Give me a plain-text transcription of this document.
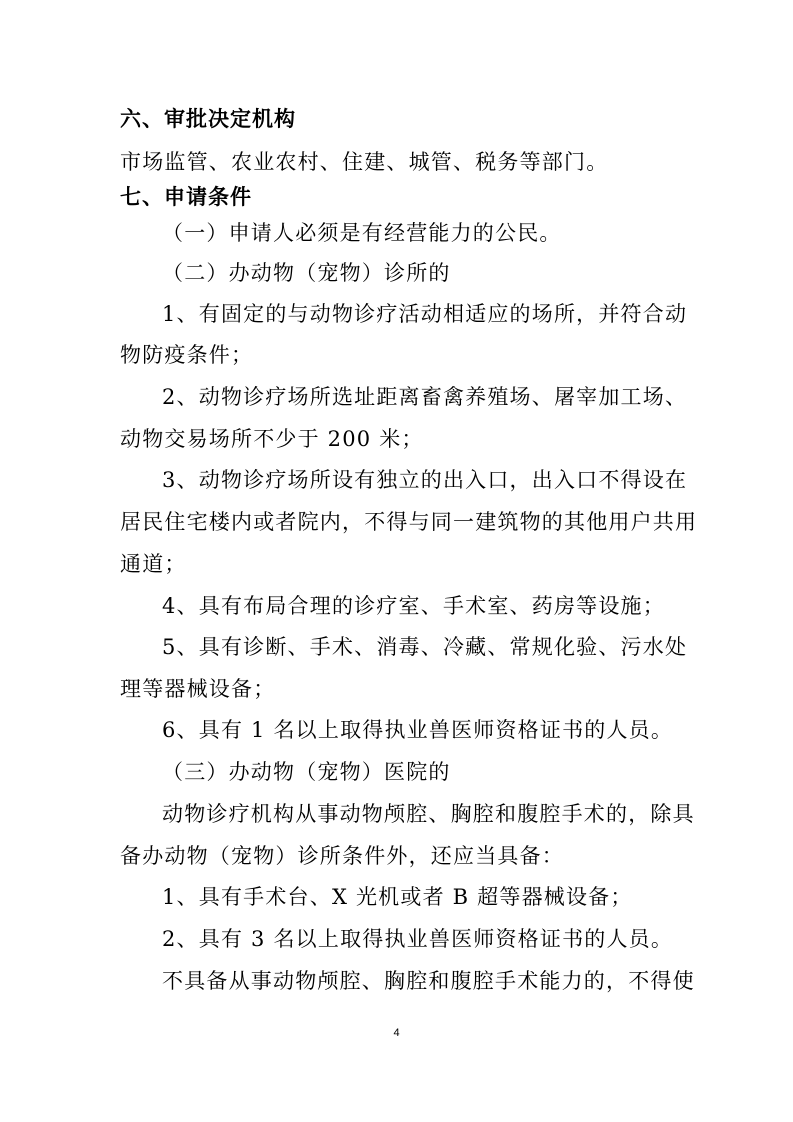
六、审批决定机构
市场监管、农业农村、住建、城管、税务等部门。
七、申请条件
（一）申请人必须是有经营能力的公民。
（二）办动物（宠物）诊所的
1、有固定的与动物诊疗活动相适应的场所，并符合动
物防疫条件；
2、动物诊疗场所选址距离畜禽养殖场、屠宰加工场、
动物交易场所不少于 200 米；
3、动物诊疗场所设有独立的出入口，出入口不得设在
居民住宅楼内或者院内，不得与同一建筑物的其他用户共用
通道；
4、具有布局合理的诊疗室、手术室、药房等设施；
5、具有诊断、手术、消毒、冷藏、常规化验、污水处
理等器械设备；
6、具有 1 名以上取得执业兽医师资格证书的人员。
（三）办动物（宠物）医院的
动物诊疗机构从事动物颅腔、胸腔和腹腔手术的，除具
备办动物（宠物）诊所条件外，还应当具备：
1、具有手术台、X 光机或者 B 超等器械设备；
2、具有 3 名以上取得执业兽医师资格证书的人员。
不具备从事动物颅腔、胸腔和腹腔手术能力的，不得使
4
